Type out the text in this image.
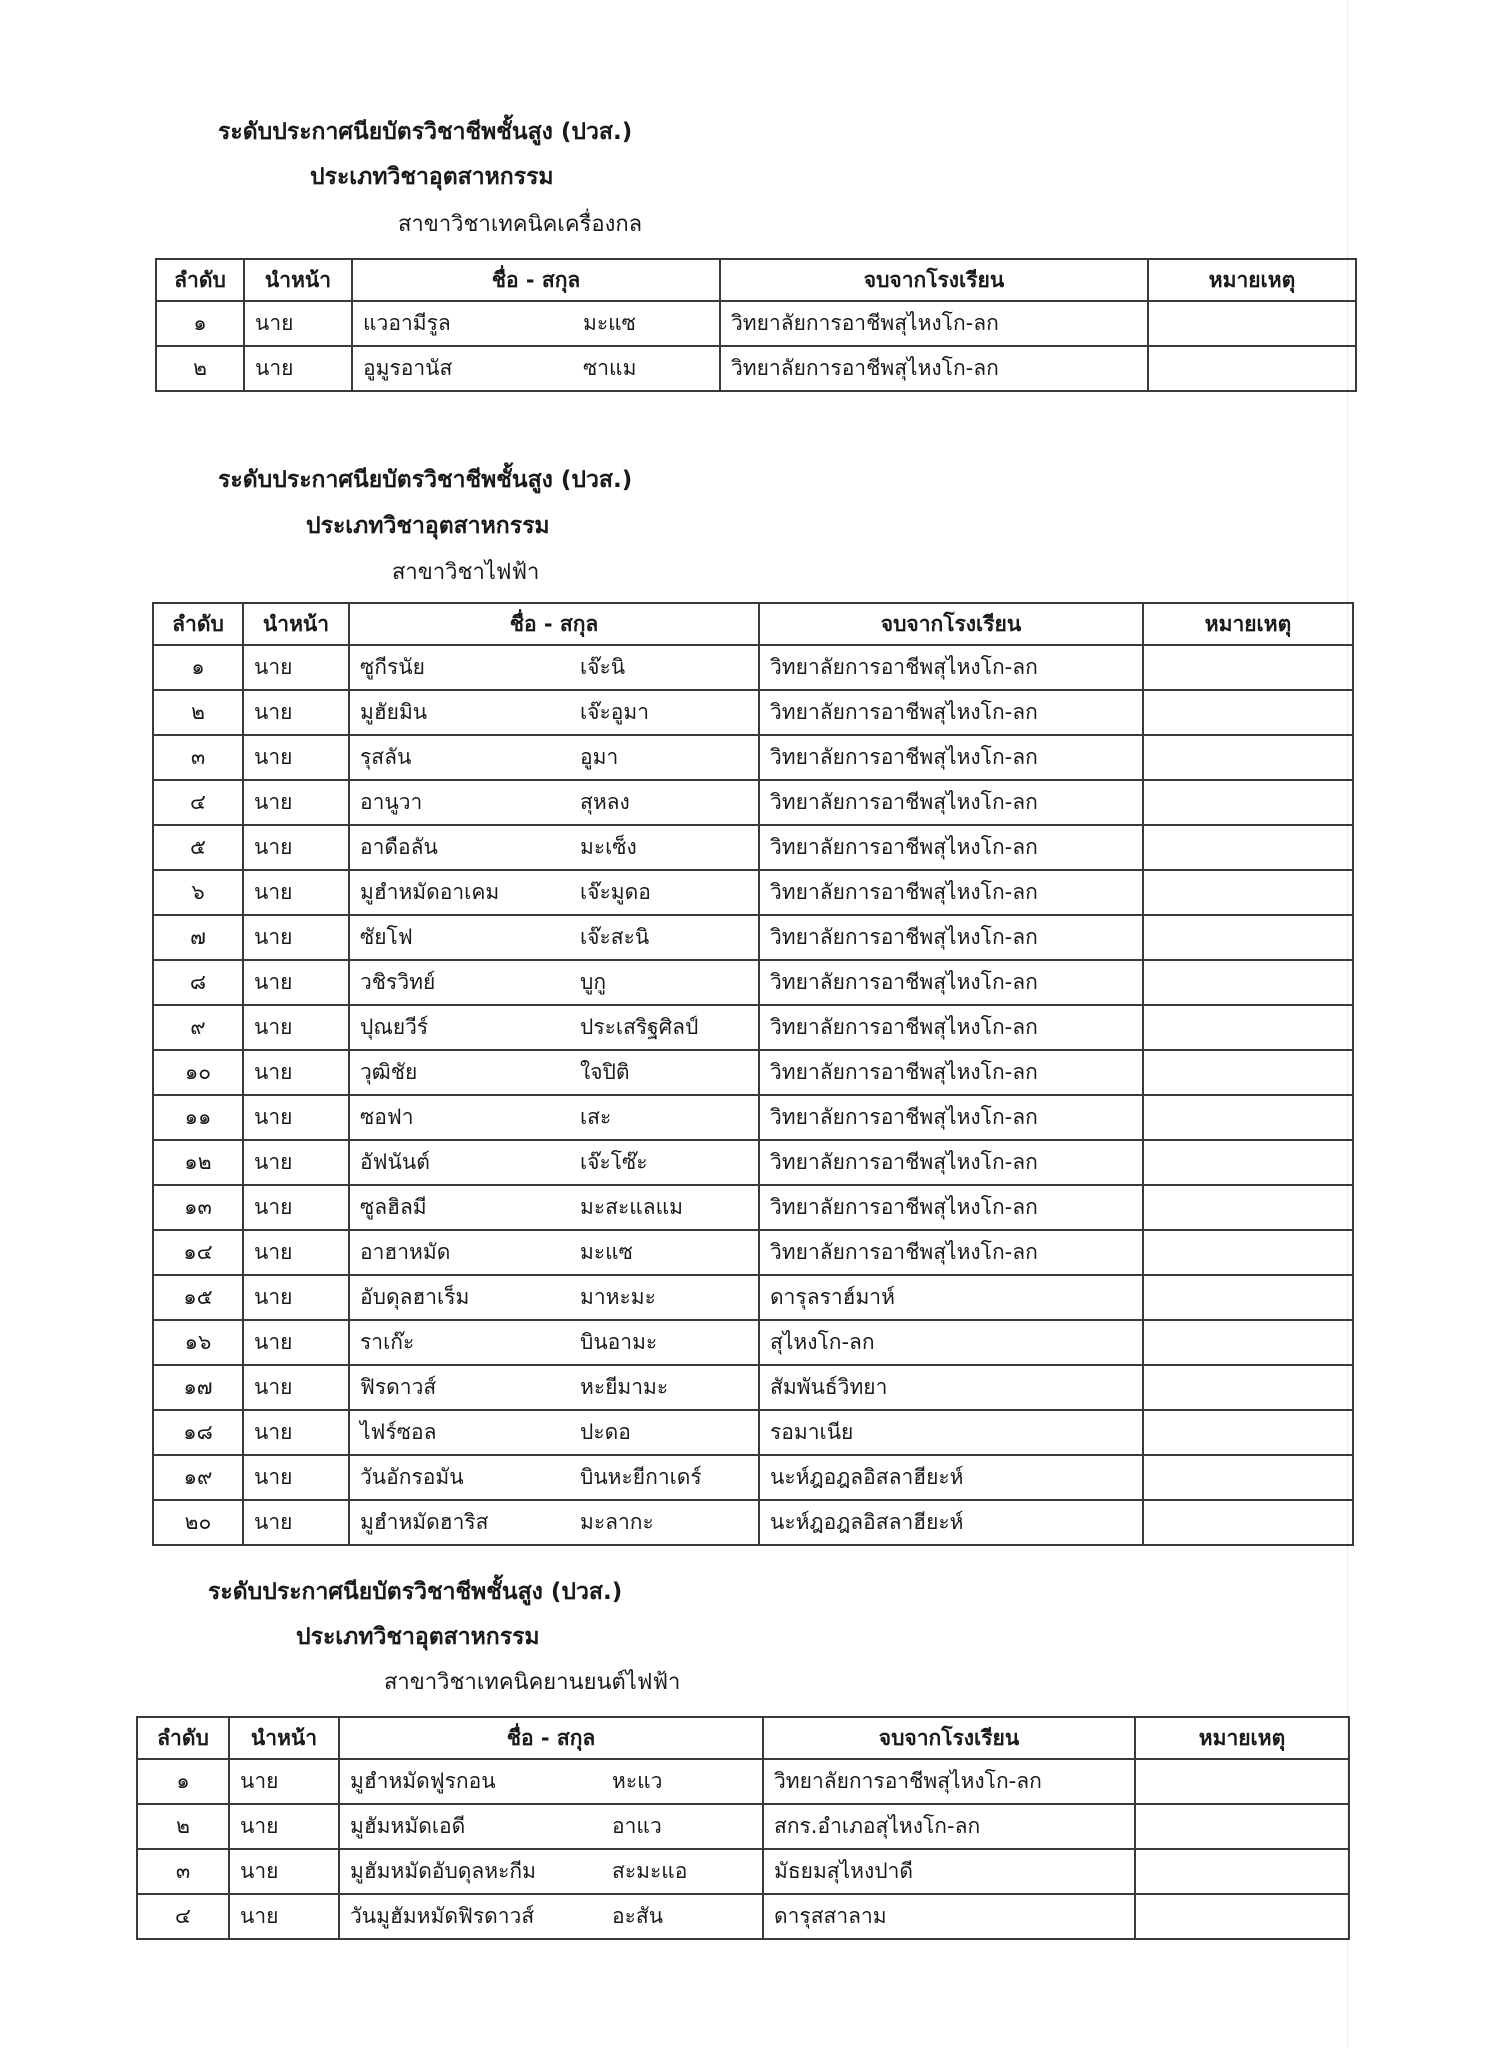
ระดับประกาศนียบัตรวิชาชีพชั้นสูง (ปวส.)
ประเภทวิชาอุตสาหกรรม
สาขาวิชาเทคนิคเครื่องกล
ลำดับ	นำหน้า	ชื่อ - สกุล	จบจากโรงเรียน	หมายเหตุ
๑	นาย	แวอามีรูล มะแซ	วิทยาลัยการอาชีพสุไหงโก-ลก	
๒	นาย	อูมูรอานัส ซาแม	วิทยาลัยการอาชีพสุไหงโก-ลก	
ระดับประกาศนียบัตรวิชาชีพชั้นสูง (ปวส.)
ประเภทวิชาอุตสาหกรรม
สาขาวิชาไฟฟ้า
ลำดับ	นำหน้า	ชื่อ - สกุล	จบจากโรงเรียน	หมายเหตุ
๑	นาย	ซูกีรนัย เจ๊ะนิ	วิทยาลัยการอาชีพสุไหงโก-ลก	
๒	นาย	มูฮัยมิน เจ๊ะอูมา	วิทยาลัยการอาชีพสุไหงโก-ลก	
๓	นาย	รุสลัน อูมา	วิทยาลัยการอาชีพสุไหงโก-ลก	
๔	นาย	อานูวา สุหลง	วิทยาลัยการอาชีพสุไหงโก-ลก	
๕	นาย	อาดือลัน มะเซ็ง	วิทยาลัยการอาชีพสุไหงโก-ลก	
๖	นาย	มูฮำหมัดอาเคม เจ๊ะมูดอ	วิทยาลัยการอาชีพสุไหงโก-ลก	
๗	นาย	ซัยโฟ เจ๊ะสะนิ	วิทยาลัยการอาชีพสุไหงโก-ลก	
๘	นาย	วชิรวิทย์ บูกู	วิทยาลัยการอาชีพสุไหงโก-ลก	
๙	นาย	ปุณยวีร์ ประเสริฐศิลป์	วิทยาลัยการอาชีพสุไหงโก-ลก	
๑๐	นาย	วุฒิชัย ใจปิติ	วิทยาลัยการอาชีพสุไหงโก-ลก	
๑๑	นาย	ซอฟา เสะ	วิทยาลัยการอาชีพสุไหงโก-ลก	
๑๒	นาย	อัฟนันต์ เจ๊ะโซ๊ะ	วิทยาลัยการอาชีพสุไหงโก-ลก	
๑๓	นาย	ซูลฮิลมี มะสะแลแม	วิทยาลัยการอาชีพสุไหงโก-ลก	
๑๔	นาย	อาฮาหมัด มะแซ	วิทยาลัยการอาชีพสุไหงโก-ลก	
๑๕	นาย	อับดุลฮาเร็ม มาหะมะ	ดารุลราฮ์มาห์	
๑๖	นาย	ราเก๊ะ บินอามะ	สุไหงโก-ลก	
๑๗	นาย	ฟิรดาวส์ หะยีมามะ	สัมพันธ์วิทยา	
๑๘	นาย	ไฟร์ซอล ปะดอ	รอมาเนีย	
๑๙	นาย	วันอักรอมัน บินหะยีกาเดร์	นะห์ฎอฎลอิสลาฮียะห์	
๒๐	นาย	มูฮำหมัดฮาริส มะลากะ	นะห์ฎอฎลอิสลาฮียะห์	
ระดับประกาศนียบัตรวิชาชีพชั้นสูง (ปวส.)
ประเภทวิชาอุตสาหกรรม
สาขาวิชาเทคนิคยานยนต์ไฟฟ้า
ลำดับ	นำหน้า	ชื่อ - สกุล	จบจากโรงเรียน	หมายเหตุ
๑	นาย	มูฮำหมัดฟูรกอน หะแว	วิทยาลัยการอาชีพสุไหงโก-ลก	
๒	นาย	มูฮัมหมัดเอดี อาแว	สกร.อำเภอสุไหงโก-ลก	
๓	นาย	มูฮัมหมัดอับดุลหะกีม สะมะแอ	มัธยมสุไหงปาดี	
๔	นาย	วันมูฮัมหมัดฟิรดาวส์ อะสัน	ดารุสสาลาม	
